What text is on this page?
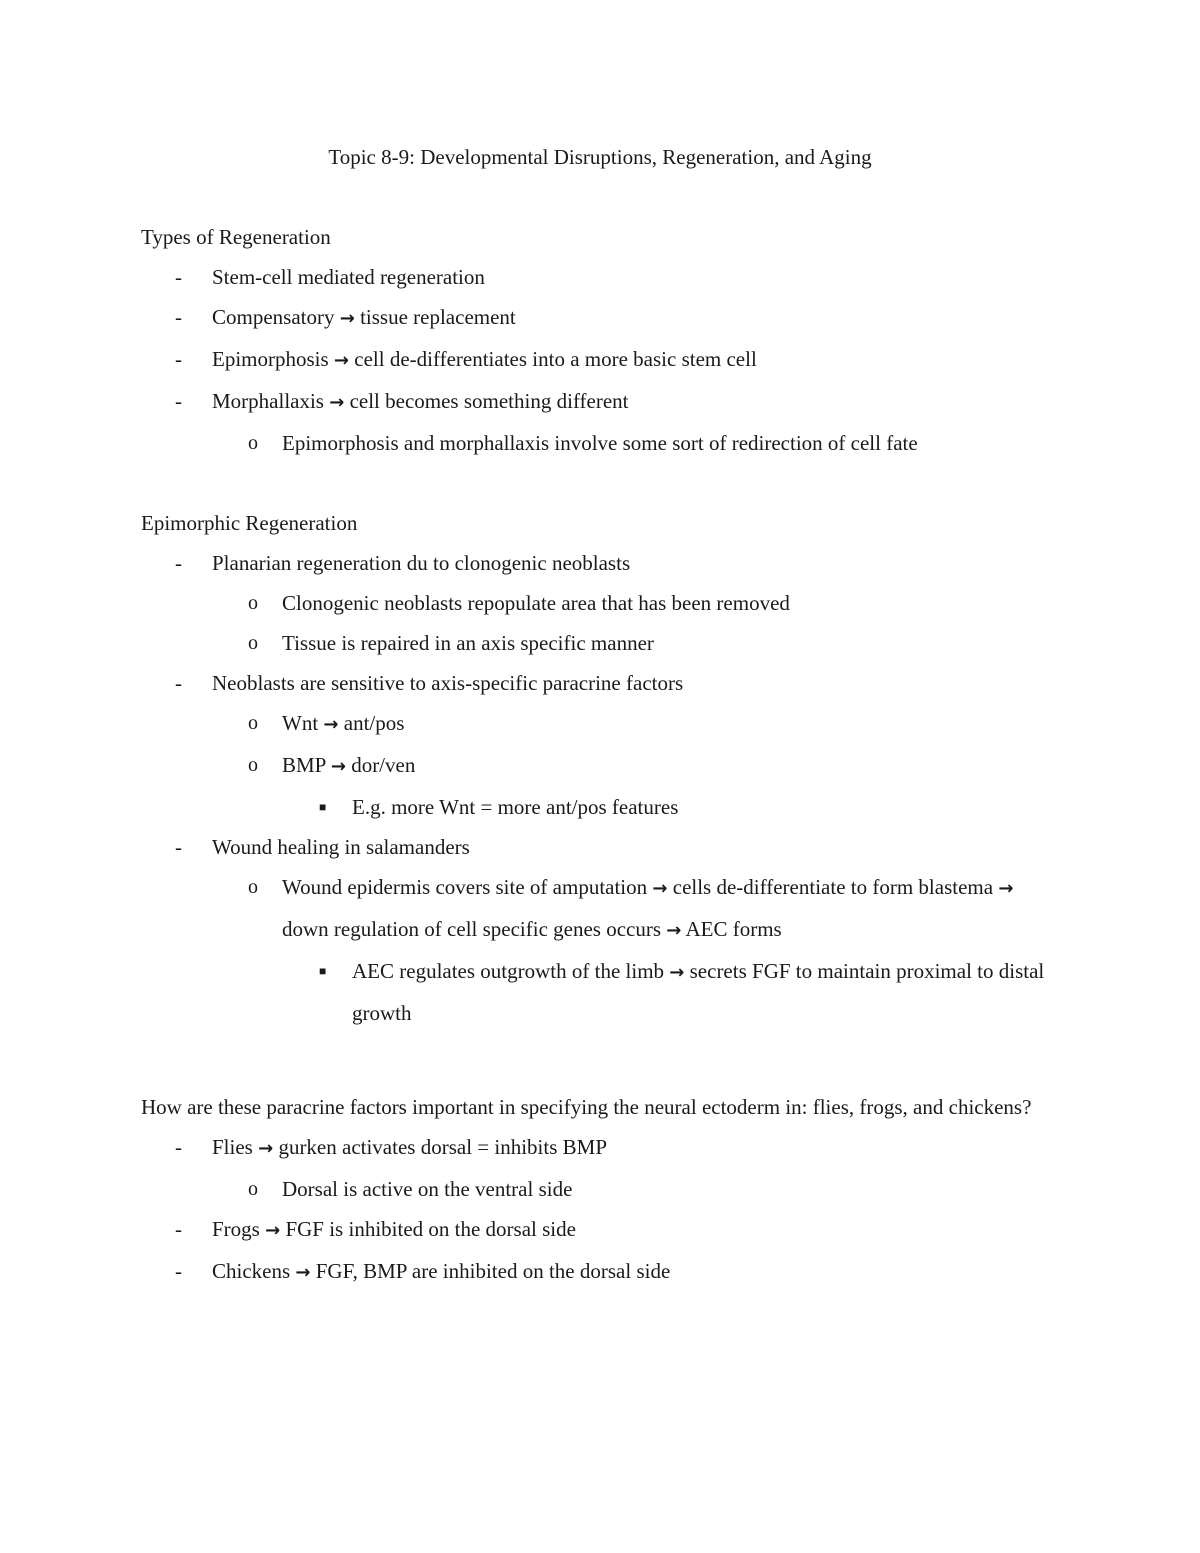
Topic 8-9: Developmental Disruptions, Regeneration, and Aging
Types of Regeneration
- Stem-cell mediated regeneration
- Compensatory → tissue replacement
- Epimorphosis → cell de-differentiates into a more basic stem cell
- Morphallaxis → cell becomes something different
o Epimorphosis and morphallaxis involve some sort of redirection of cell fate
Epimorphic Regeneration
- Planarian regeneration du to clonogenic neoblasts
o Clonogenic neoblasts repopulate area that has been removed
o Tissue is repaired in an axis specific manner
- Neoblasts are sensitive to axis-specific paracrine factors
o Wnt → ant/pos
o BMP → dor/ven
■ E.g. more Wnt = more ant/pos features
- Wound healing in salamanders
o Wound epidermis covers site of amputation → cells de-differentiate to form blastema → down regulation of cell specific genes occurs → AEC forms
■ AEC regulates outgrowth of the limb → secrets FGF to maintain proximal to distal growth
How are these paracrine factors important in specifying the neural ectoderm in: flies, frogs, and chickens?
- Flies → gurken activates dorsal = inhibits BMP
o Dorsal is active on the ventral side
- Frogs → FGF is inhibited on the dorsal side
- Chickens → FGF, BMP are inhibited on the dorsal side
